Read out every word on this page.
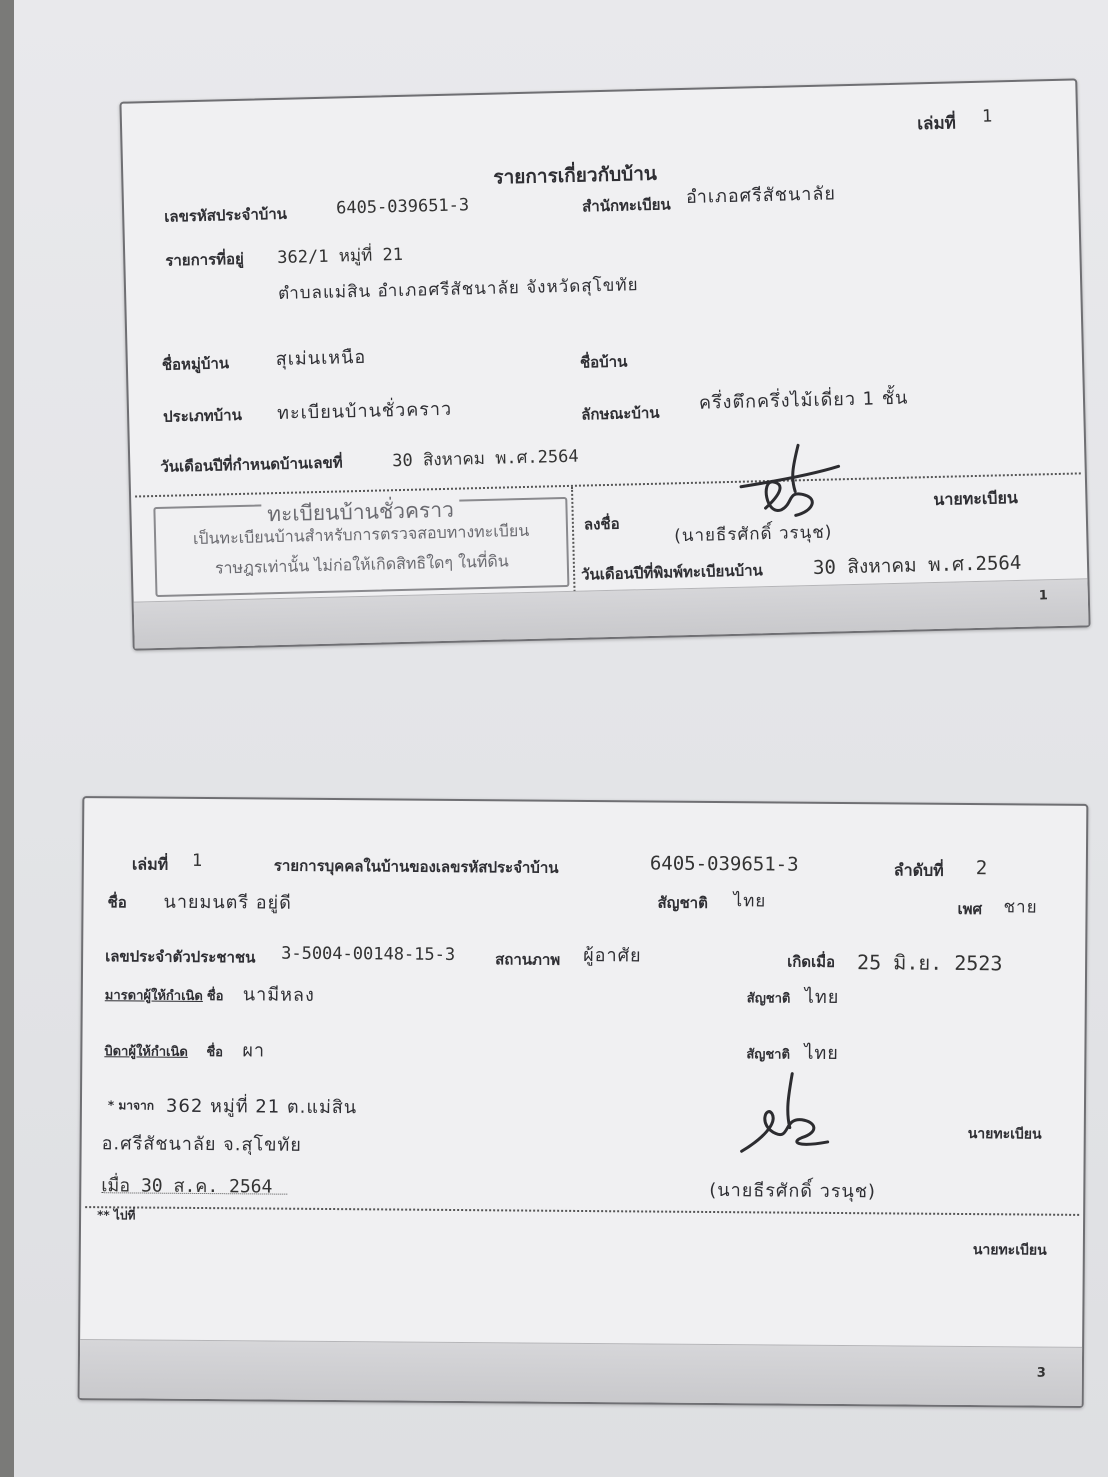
เล่มที่ 1
รายการเกี่ยวกับบ้าน
เลขรหัสประจำบ้าน	6405-039651-3	สำนักทะเบียน อำเภอศรีสัชนาลัย
รายการที่อยู่ 362/1 หมู่ที่ 21
ตำบลแม่สิน อำเภอศรีสัชนาลัย จังหวัดสุโขทัย
ชื่อหมู่บ้าน	สุเม่นเหนือ	ชื่อบ้าน
ประเภทบ้าน ทะเบียนบ้านชั่วคราว	ลักษณะบ้าน ครึ่งตึกครึ่งไม้เดี่ยว 1 ชั้น
วันเดือนปีที่กำหนดบ้านเลขที่	30 สิงหาคม พ.ศ.2564
ทะเบียนบ้านชั่วคราว
เป็นทะเบียนบ้านสำหรับการตรวจสอบทางทะเบียน
ราษฎรเท่านั้น ไม่ก่อให้เกิดสิทธิใดๆ ในที่ดิน
ลงชื่อ
นายทะเบียน
(นายธีรศักดิ์ วรนุช)
วันเดือนปีที่พิมพ์ทะเบียนบ้าน	30 สิงหาคม พ.ศ.2564
1
เล่มที่ 1	รายการบุคคลในบ้านของเลขรหัสประจำบ้าน	6405-039651-3	ลำดับที่ 2
ชื่อ นายมนตรี อยู่ดี	สัญชาติ ไทย	เพศ ชาย
เลขประจำตัวประชาชน 3-5004-00148-15-3	สถานภาพ ผู้อาศัย	เกิดเมื่อ 25 มิ.ย. 2523
มารดาผู้ให้กำเนิด ชื่อ นามีหลง	สัญชาติ ไทย
บิดาผู้ให้กำเนิด ชื่อ ผา	สัญชาติ ไทย
* มาจาก 362 หมู่ที่ 21 ต.แม่สิน
อ.ศรีสัชนาลัย จ.สุโขทัย
เมื่อ 30 ส.ค. 2564
นายทะเบียน
(นายธีรศักดิ์ วรนุช)
** ไปที่
นายทะเบียน
3
